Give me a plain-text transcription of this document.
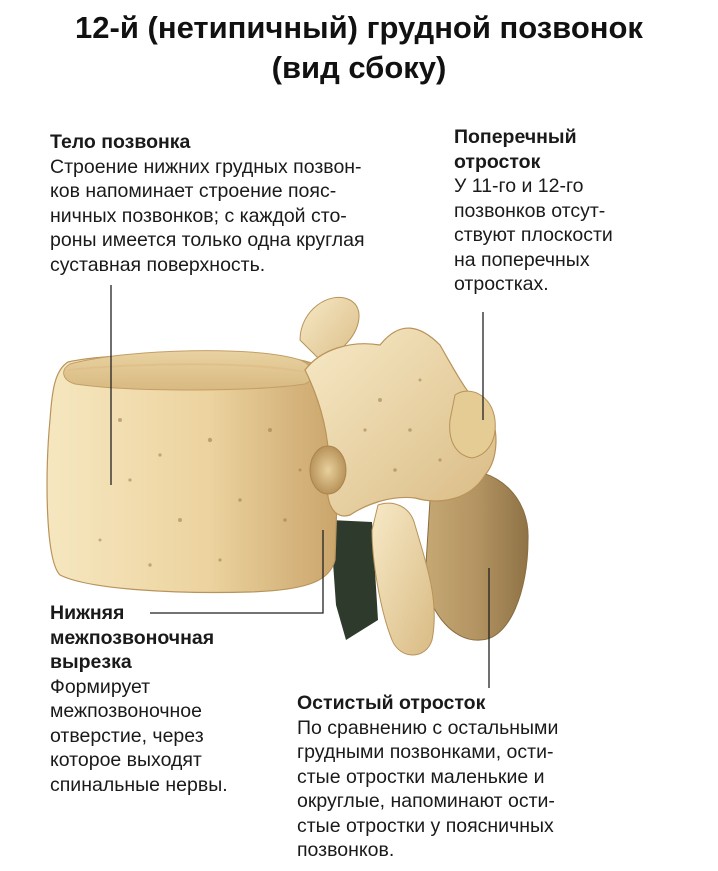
12-й (нетипичный) грудной позвонок
(вид сбоку)
Тело позвонка
Строение нижних грудных позвон-
ков напоминает строение пояс-
ничных позвонков; с каждой сто-
роны имеется только одна круглая
суставная поверхность.
Поперечный
отросток
У 11-го и 12-го
позвонков отсут-
ствуют плоскости
на поперечных
отростках.
Нижняя
межпозвоночная
вырезка
Формирует
межпозвоночное
отверстие, через
которое выходят
спинальные нервы.
Остистый отросток
По сравнению с остальными
грудными позвонками, ости-
стые отростки маленькие и
округлые, напоминают ости-
стые отростки у поясничных
позвонков.
